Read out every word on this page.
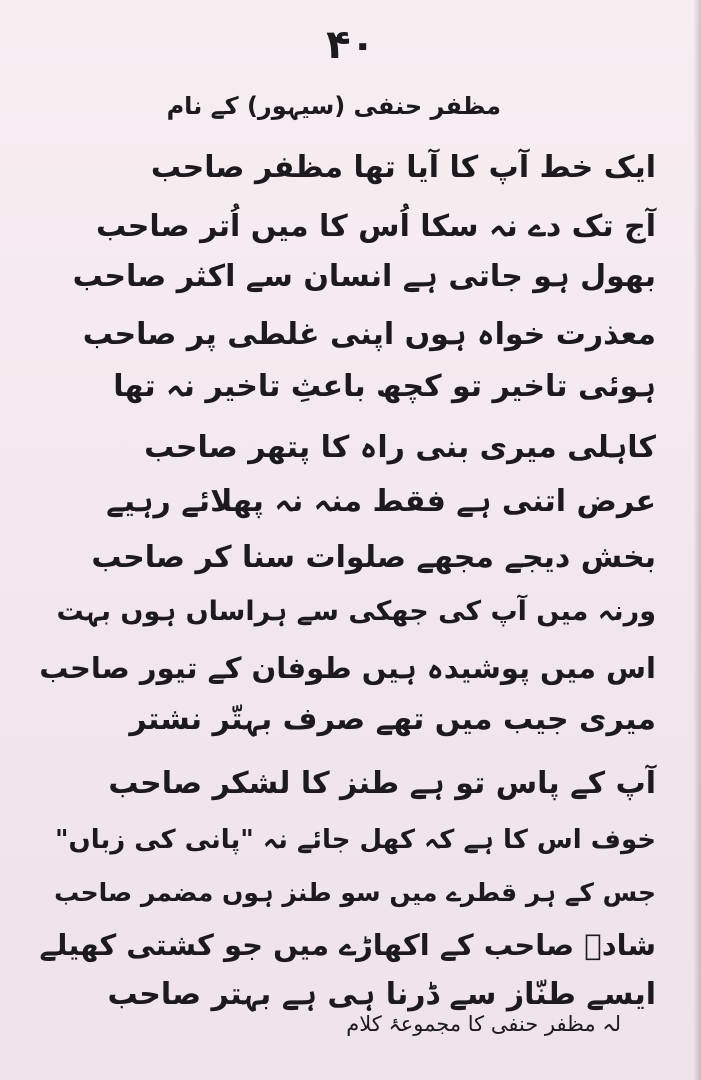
۴۰
مظفر حنفی (سیہور) کے نام
ایک خط آپ کا آیا تھا مظفر صاحب
آج تک دے نہ سکا اُس کا میں اُتر صاحب
بھول ہو جاتی ہے انسان سے اکثر صاحب
معذرت خواہ ہوں اپنی غلطی پر صاحب
ہوئی تاخیر تو کچھ باعثِ تاخیر نہ تھا
کاہلی میری بنی راہ کا پتھر صاحب
عرض اتنی ہے فقط منہ نہ پھلائے رہیے
بخش دیجے مجھے صلوات سنا کر صاحب
ورنہ میں آپ کی جھکی سے ہراساں ہوں بہت
اس میں پوشیدہ ہیں طوفان کے تیور صاحب
میری جیب میں تھے صرف بہتّر نشتر
آپ کے پاس تو ہے طنز کا لشکر صاحب
خوف اس کا ہے کہ کھل جائے نہ "پانی کی زباں"
جس کے ہر قطرے میں سو طنز ہوں مضمر صاحب
شادؔ صاحب کے اکھاڑے میں جو کشتی کھیلے
ایسے طنّاز سے ڈرنا ہی ہے بہتر صاحب
لہ مظفر حنفی کا مجموعۂ کلام
